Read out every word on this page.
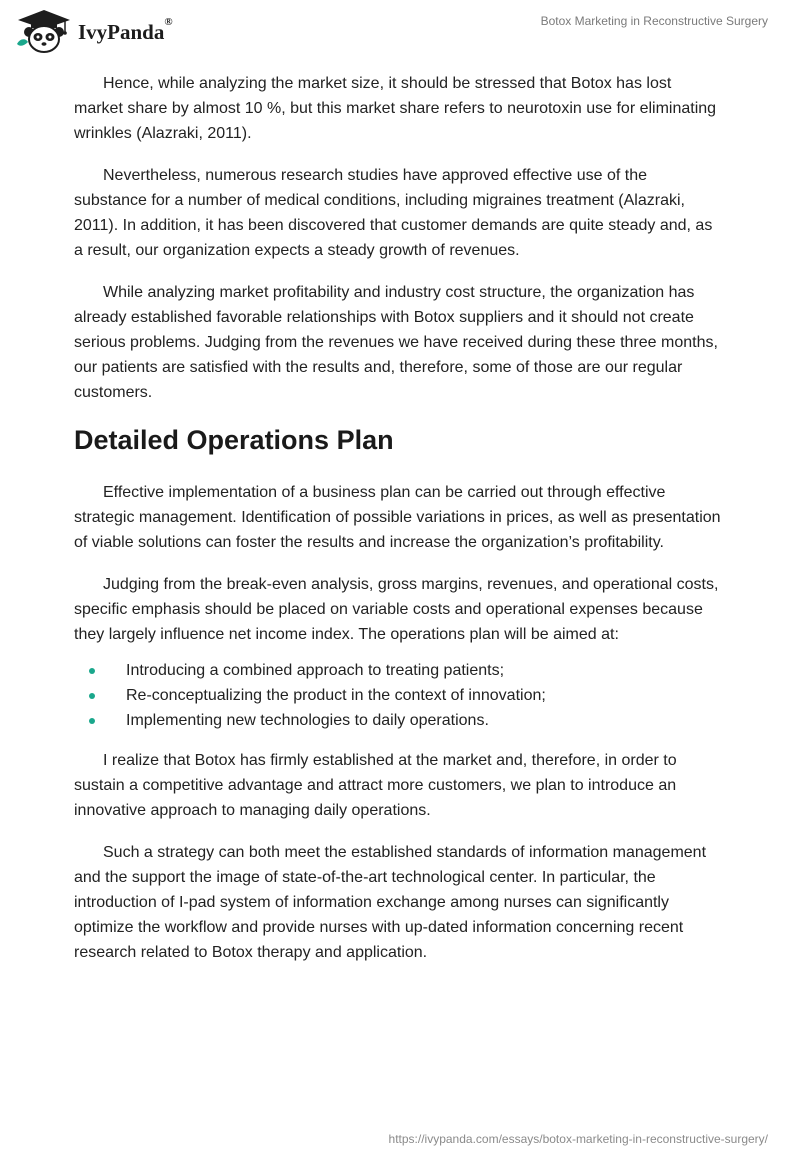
IvyPanda®	Botox Marketing in Reconstructive Surgery

Hence, while analyzing the market size, it should be stressed that Botox has lost market share by almost 10 %, but this market share refers to neurotoxin use for eliminating wrinkles (Alazraki, 2011).

Nevertheless, numerous research studies have approved effective use of the substance for a number of medical conditions, including migraines treatment (Alazraki, 2011). In addition, it has been discovered that customer demands are quite steady and, as a result, our organization expects a steady growth of revenues.

While analyzing market profitability and industry cost structure, the organization has already established favorable relationships with Botox suppliers and it should not create serious problems. Judging from the revenues we have received during these three months, our patients are satisfied with the results and, therefore, some of those are our regular customers.

Detailed Operations Plan

Effective implementation of a business plan can be carried out through effective strategic management. Identification of possible variations in prices, as well as presentation of viable solutions can foster the results and increase the organization’s profitability.

Judging from the break-even analysis, gross margins, revenues, and operational costs, specific emphasis should be placed on variable costs and operational expenses because they largely influence net income index. The operations plan will be aimed at:

Introducing a combined approach to treating patients;
Re-conceptualizing the product in the context of innovation;
Implementing new technologies to daily operations.

I realize that Botox has firmly established at the market and, therefore, in order to sustain a competitive advantage and attract more customers, we plan to introduce an innovative approach to managing daily operations.

Such a strategy can both meet the established standards of information management and the support the image of state-of-the-art technological center. In particular, the introduction of I-pad system of information exchange among nurses can significantly optimize the workflow and provide nurses with up-dated information concerning recent research related to Botox therapy and application.

https://ivypanda.com/essays/botox-marketing-in-reconstructive-surgery/
